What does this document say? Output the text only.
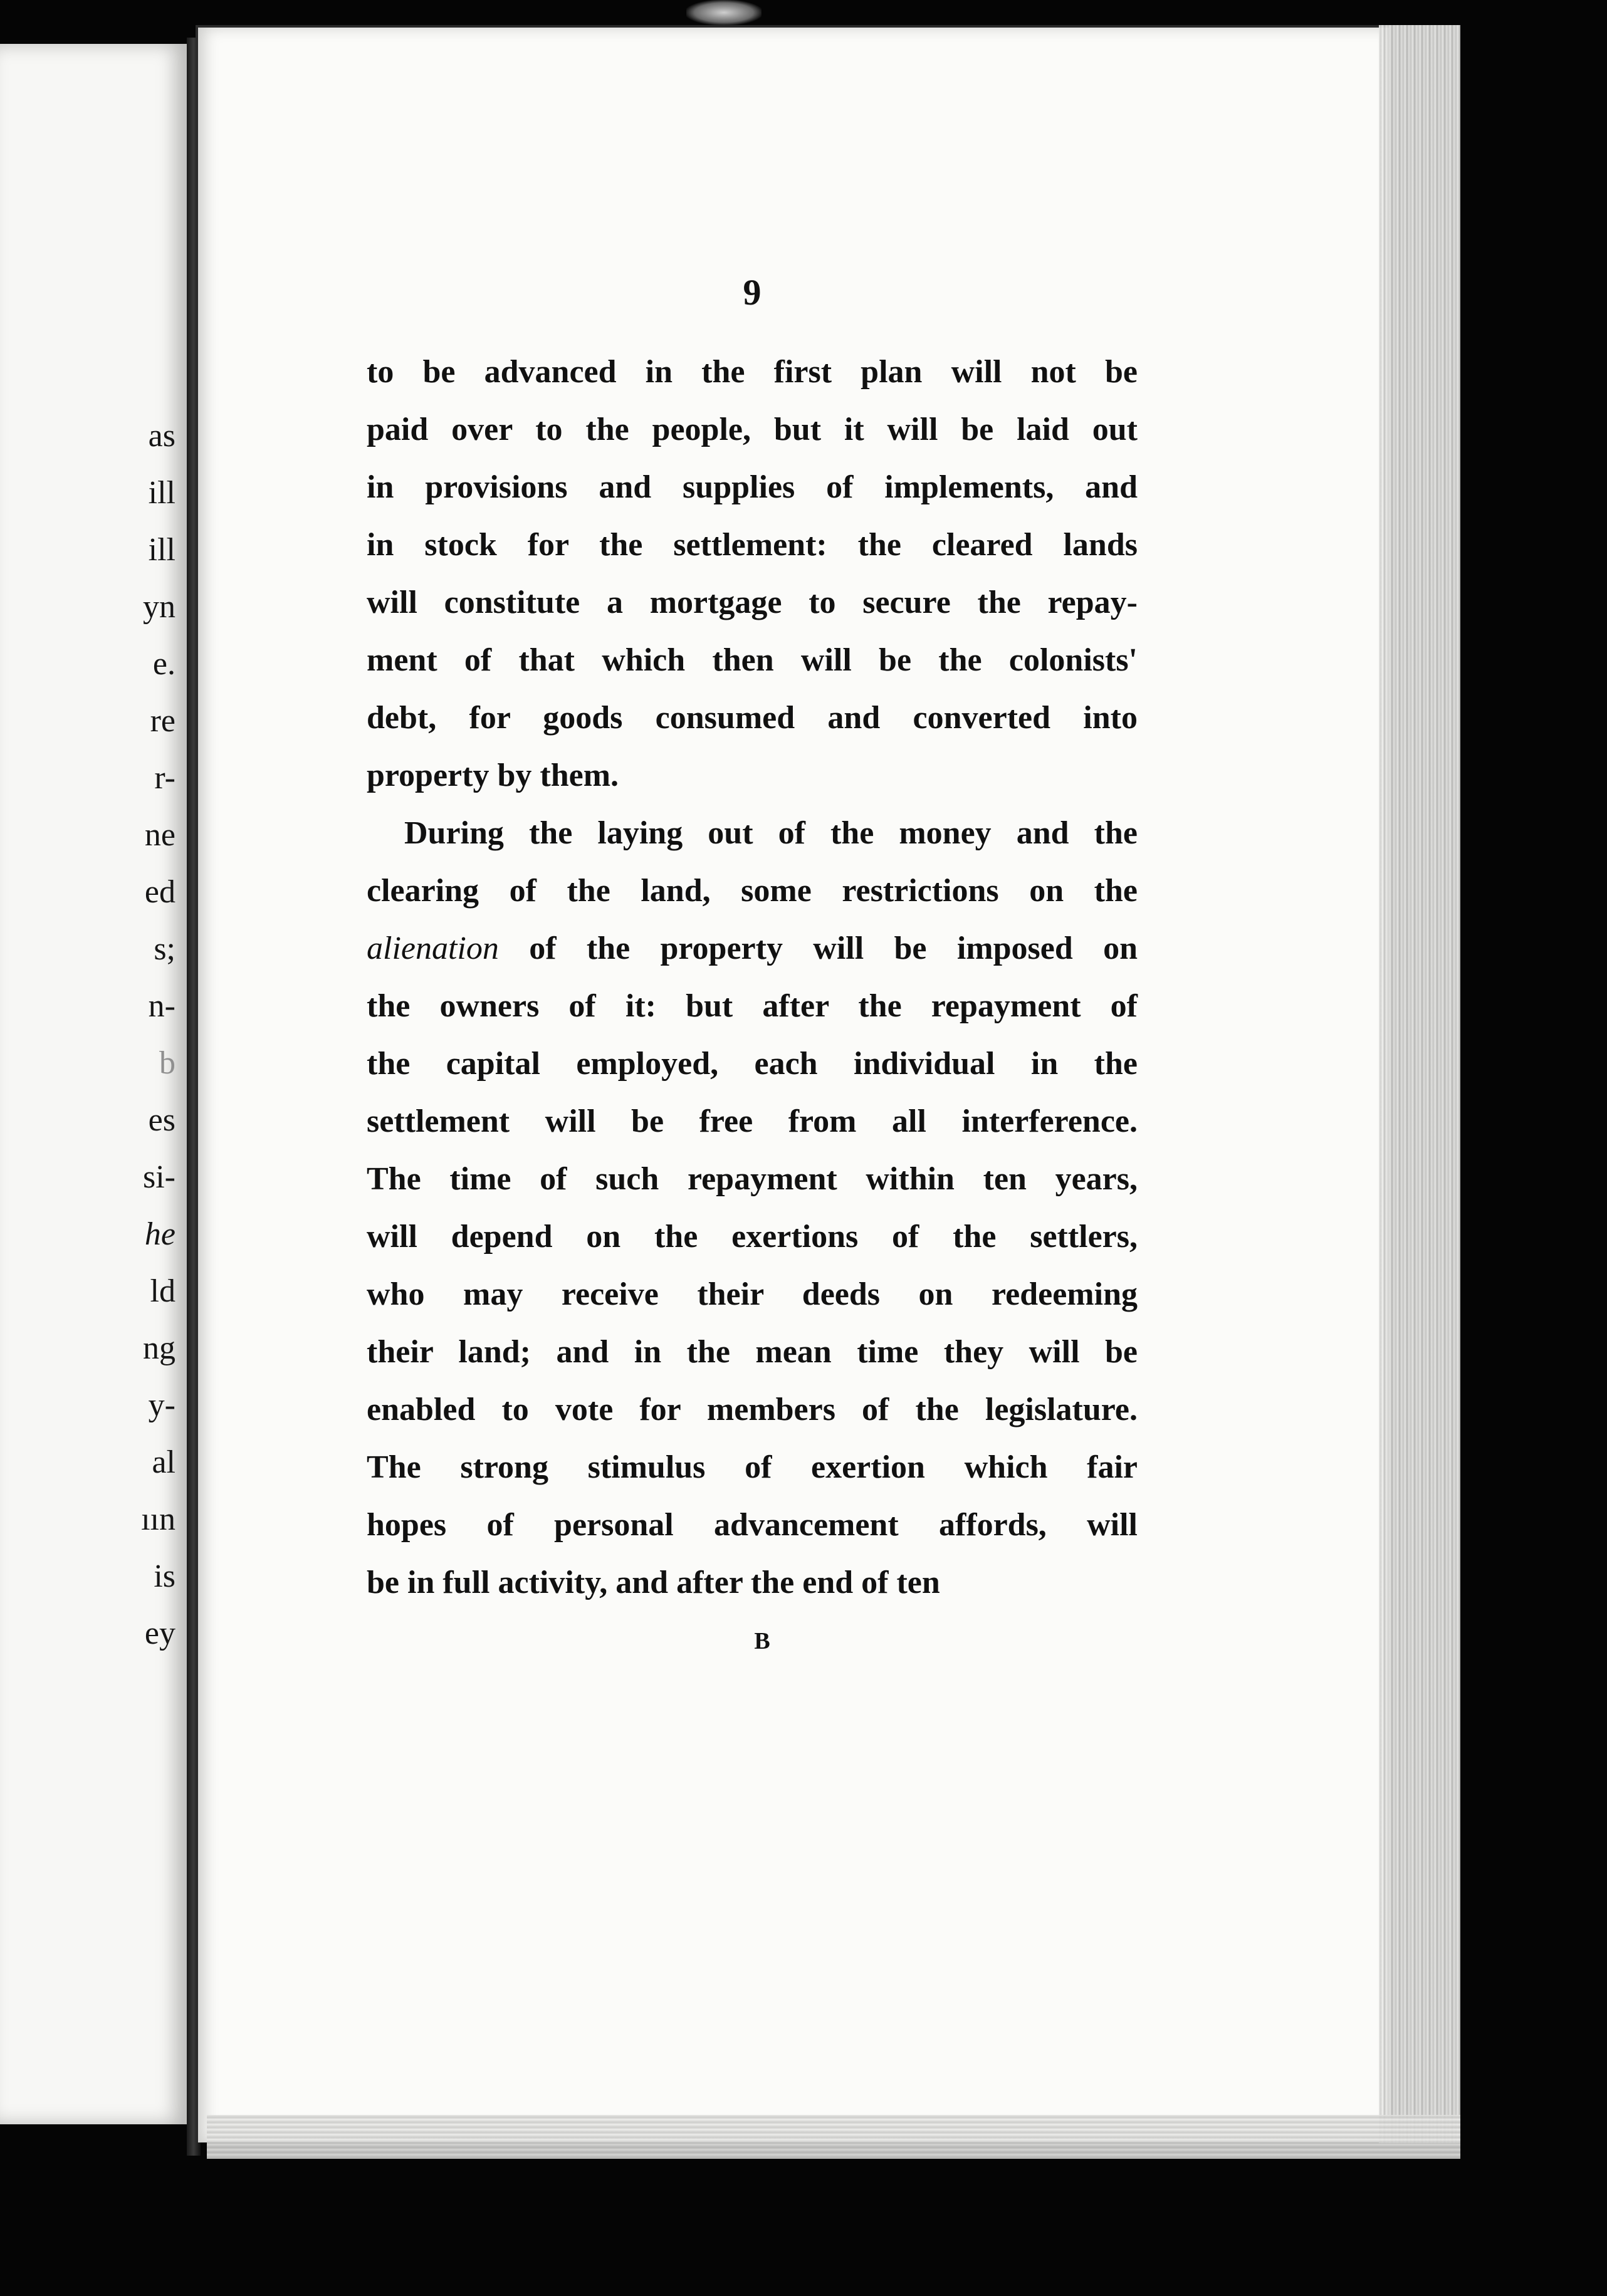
as
ill
ill
yn
e.
re
r-
ne
ed
s;
n-
b
es
si-
he
ld
ng
y-
al
ıın
is
ey
9
to be advanced in the first plan will not be
paid over to the people, but it will be laid out
in provisions and supplies of implements, and
in stock for the settlement: the cleared lands
will constitute a mortgage to secure the repay-
ment of that which then will be the colonists'
debt, for goods consumed and converted into
property by them.
During the laying out of the money and the
clearing of the land, some restrictions on the
alienation of the property will be imposed on
the owners of it: but after the repayment of
the capital employed, each individual in the
settlement will be free from all interference.
The time of such repayment within ten years,
will depend on the exertions of the settlers,
who may receive their deeds on redeeming
their land; and in the mean time they will be
enabled to vote for members of the legislature.
The strong stimulus of exertion which fair
hopes of personal advancement affords, will
be in full activity, and after the end of ten
B
